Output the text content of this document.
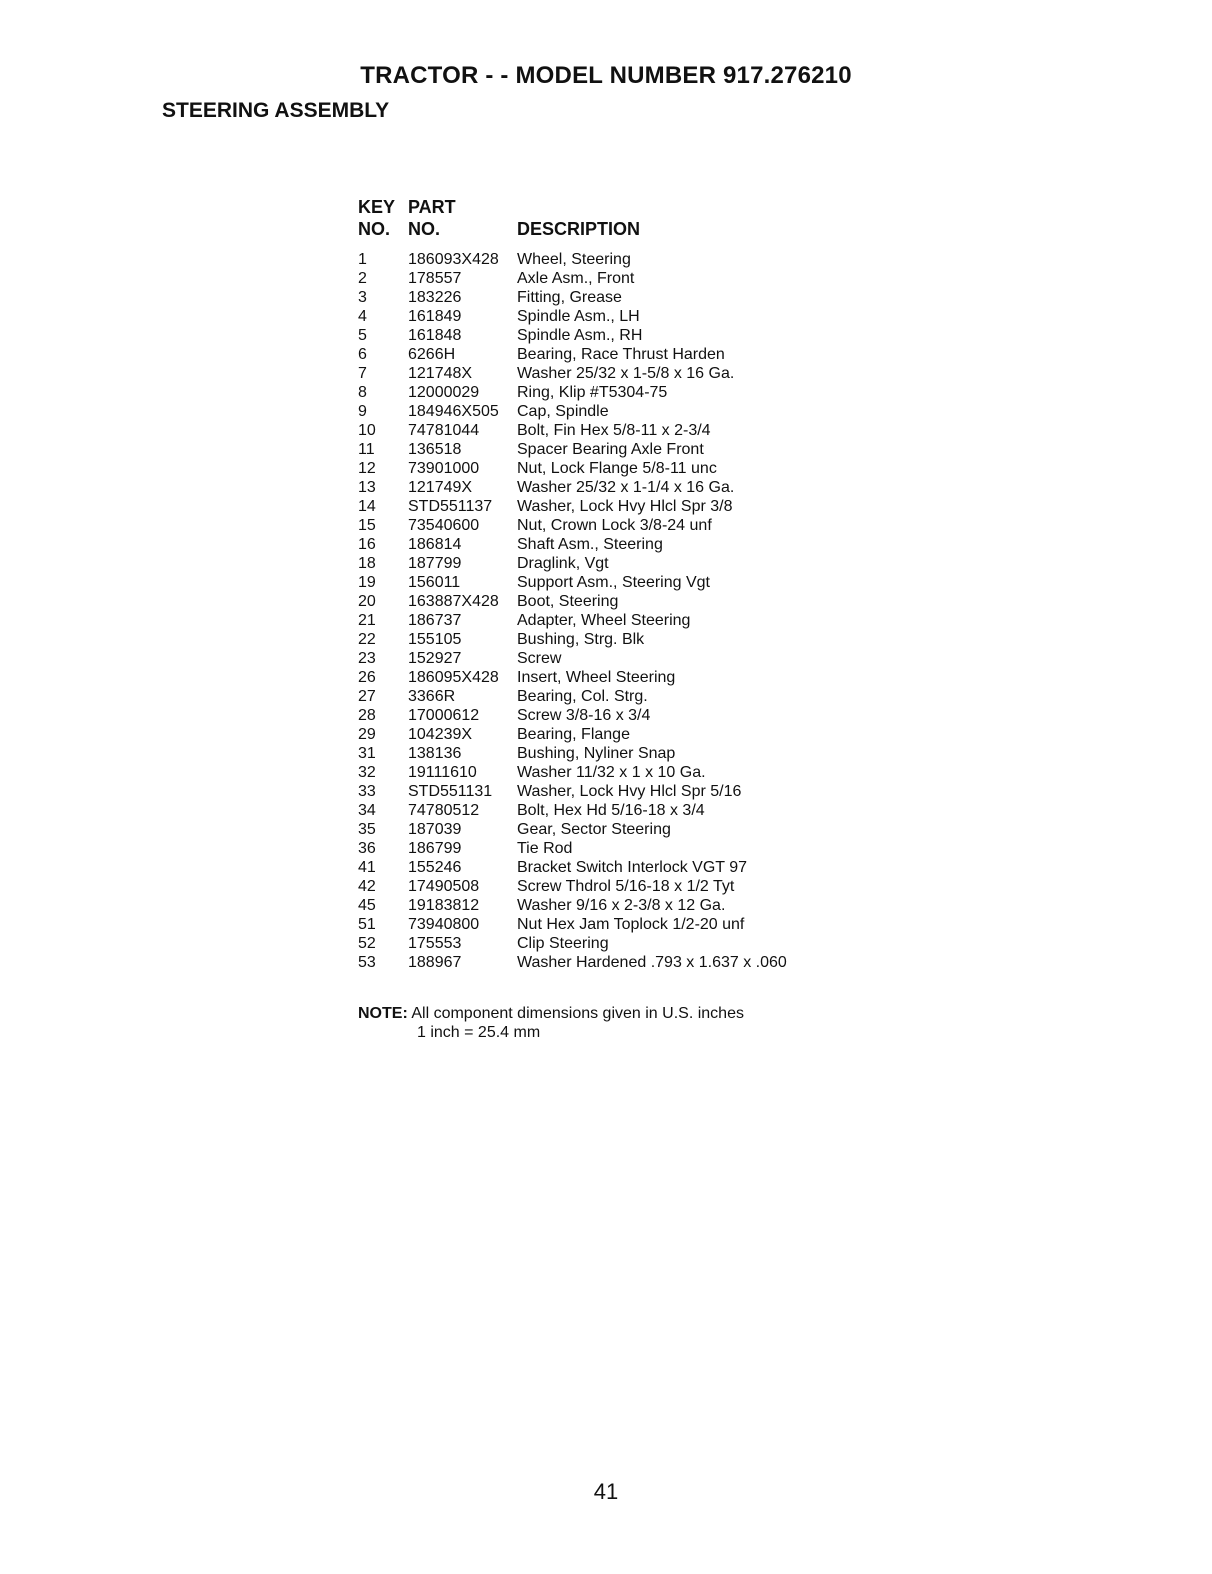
TRACTOR - - MODEL NUMBER 917.276210
STEERING ASSEMBLY
KEY
NO.
PART
NO.	DESCRIPTION
1	186093X428 Wheel, Steering
2	178557	Axle Asm., Front
3	183226	Fitting, Grease
4	161849	Spindle Asm., LH
5	161848	Spindle Asm., RH
6	6266H	Bearing, Race Thrust Harden
7	121748X	Washer 25/32 x 1-5/8 x 16 Ga.
8	12000029 Ring, Klip #T5304-75
9	184946X505 Cap, Spindle
10 74781044 Bolt, Fin Hex 5/8-11 x 2-3/4
11 136518	Spacer Bearing Axle Front
12 73901000 Nut, Lock Flange 5/8-11 unc
13 121749X	Washer 25/32 x 1-1/4 x 16 Ga.
14 STD551137 Washer, Lock Hvy Hlcl Spr 3/8
15 73540600 Nut, Crown Lock 3/8-24 unf
16 186814	Shaft Asm., Steering
18 187799	Draglink, Vgt
19 156011	Support Asm., Steering Vgt
20 163887X428 Boot, Steering
21 186737	Adapter, Wheel Steering
22 155105	Bushing, Strg. Blk
23 152927	Screw
26 186095X428 Insert, Wheel Steering
27 3366R	Bearing, Col. Strg.
28 17000612 Screw 3/8-16 x 3/4
29 104239X	Bearing, Flange
31 138136	Bushing, Nyliner Snap
32 19111610	Washer 11/32 x 1 x 10 Ga.
33 STD551131 Washer, Lock Hvy Hlcl Spr 5/16
34 74780512 Bolt, Hex Hd 5/16-18 x 3/4
35 187039	Gear, Sector Steering
36 186799	Tie Rod
41 155246	Bracket Switch Interlock VGT 97
42 17490508 Screw Thdrol 5/16-18 x 1/2 Tyt
45 19183812 Washer 9/16 x 2-3/8 x 12 Ga.
51 73940800 Nut Hex Jam Toplock 1/2-20 unf
52 175553	Clip Steering
53 188967	Washer Hardened .793 x 1.637 x .060
NOTE: All component dimensions given in U.S. inches
1 inch = 25.4 mm
41
